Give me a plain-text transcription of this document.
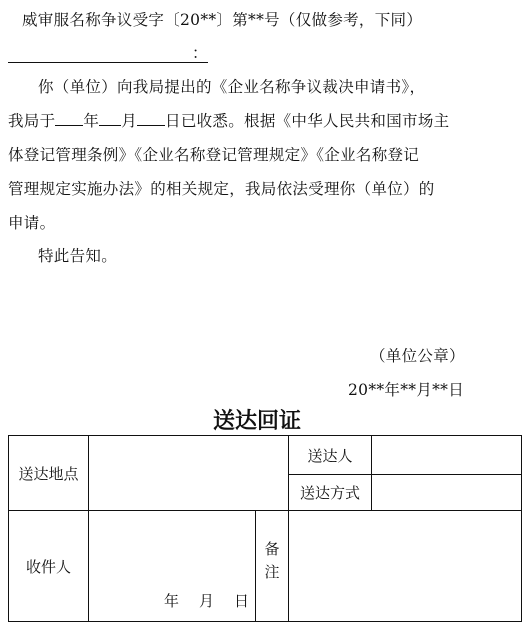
威审服名称争议受字〔20**〕第**号（仅做参考，下同）
：
你（单位）向我局提出的《企业名称争议裁决申请书》，
我局于 年 月 日已收悉。根据《中华人民共和国市场主
体登记管理条例》《企业名称登记管理规定》《企业名称登记
管理规定实施办法》的相关规定，我局依法受理你（单位）的
申请。
特此告知。
（单位公章）
20**年**月**日
送达回证
送达地点			送达人	
			送达方式	
收件人	年 月 日	备注		
